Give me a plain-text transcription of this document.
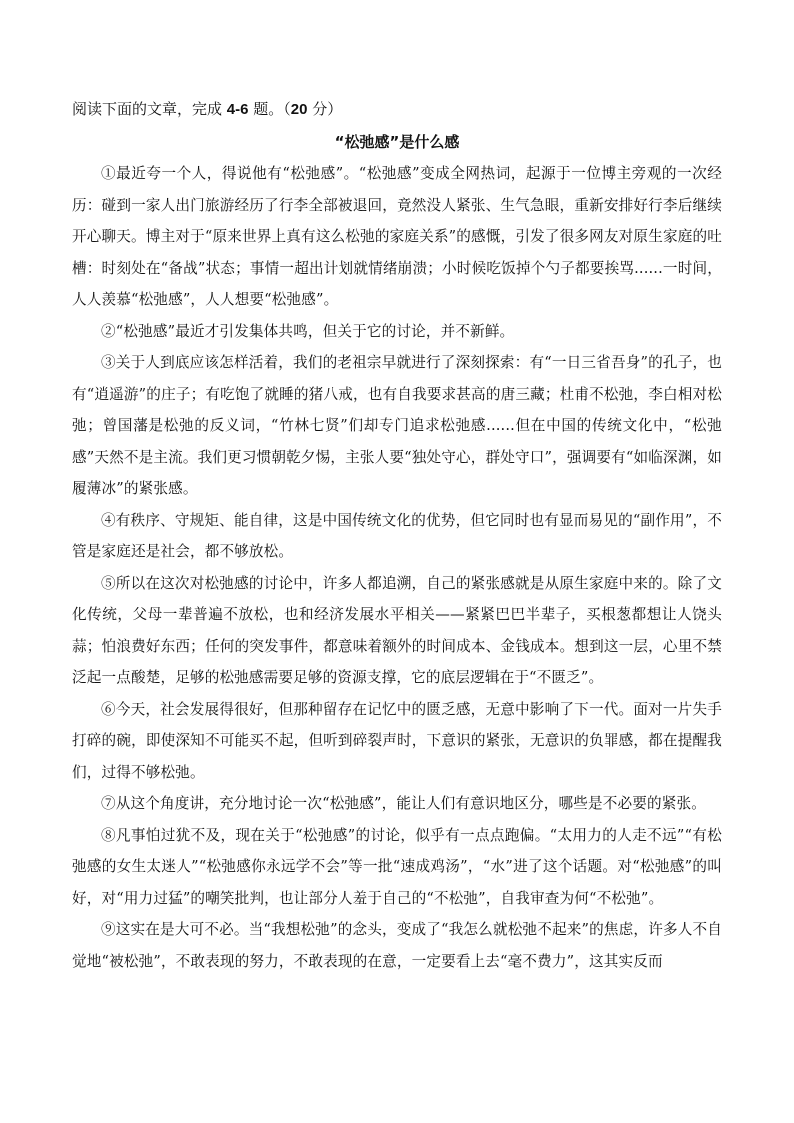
阅读下面的文章，完成 4-6 题。（20 分）
“松弛感”是什么感

①最近夸一个人，得说他有“松弛感”。“松弛感”变成全网热词，起源于一位博主旁观的一次经历：碰到一家人出门旅游经历了行李全部被退回，竟然没人紧张、生气急眼，重新安排好行李后继续开心聊天。博主对于“原来世界上真有这么松弛的家庭关系”的感慨，引发了很多网友对原生家庭的吐槽：时刻处在“备战”状态；事情一超出计划就情绪崩溃；小时候吃饭掉个勺子都要挨骂......一时间，人人羡慕“松弛感”，人人想要“松弛感”。

②“松弛感”最近才引发集体共鸣，但关于它的讨论，并不新鲜。

③关于人到底应该怎样活着，我们的老祖宗早就进行了深刻探索：有“一日三省吾身”的孔子，也有“逍遥游”的庄子；有吃饱了就睡的猪八戒，也有自我要求甚高的唐三藏；杜甫不松弛，李白相对松弛；曾国藩是松弛的反义词，“竹林七贤”们却专门追求松弛感......但在中国的传统文化中，“松弛感”天然不是主流。我们更习惯朝乾夕惕，主张人要“独处守心，群处守口”，强调要有“如临深渊，如履薄冰”的紧张感。

④有秩序、守规矩、能自律，这是中国传统文化的优势，但它同时也有显而易见的“副作用”，不管是家庭还是社会，都不够放松。

⑤所以在这次对松弛感的讨论中，许多人都追溯，自己的紧张感就是从原生家庭中来的。除了文化传统，父母一辈普遍不放松，也和经济发展水平相关——紧紧巴巴半辈子，买根葱都想让人饶头蒜；怕浪费好东西；任何的突发事件，都意味着额外的时间成本、金钱成本。想到这一层，心里不禁泛起一点酸楚，足够的松弛感需要足够的资源支撑，它的底层逻辑在于“不匮乏”。

⑥今天，社会发展得很好，但那种留存在记忆中的匮乏感，无意中影响了下一代。面对一片失手打碎的碗，即使深知不可能买不起，但听到碎裂声时，下意识的紧张，无意识的负罪感，都在提醒我们，过得不够松弛。

⑦从这个角度讲，充分地讨论一次“松弛感”，能让人们有意识地区分，哪些是不必要的紧张。

⑧凡事怕过犹不及，现在关于“松弛感”的讨论，似乎有一点点跑偏。“太用力的人走不远”“有松弛感的女生太迷人”“松弛感你永远学不会”等一批“速成鸡汤”，“水”进了这个话题。对“松弛感”的叫好，对“用力过猛”的嘲笑批判，也让部分人羞于自己的“不松弛”，自我审查为何“不松弛”。

⑨这实在是大可不必。当“我想松弛”的念头，变成了“我怎么就松弛不起来”的焦虑，许多人不自觉地“被松弛”，不敢表现的努力，不敢表现的在意，一定要看上去“毫不费力”，这其实反而
